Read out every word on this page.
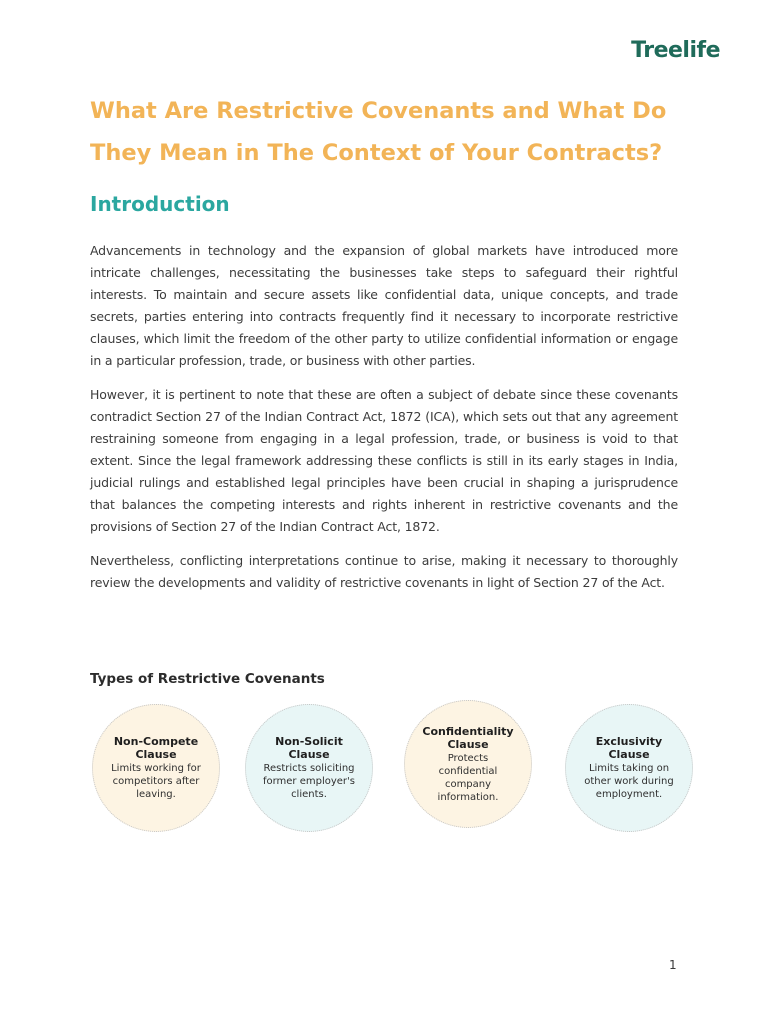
Treelife
What Are Restrictive Covenants and What Do They Mean in The Context of Your Contracts?
Introduction

Advancements in technology and the expansion of global markets have introduced more intricate challenges, necessitating the businesses take steps to safeguard their rightful interests. To maintain and secure assets like confidential data, unique concepts, and trade secrets, parties entering into contracts frequently find it necessary to incorporate restrictive clauses, which limit the freedom of the other party to utilize confidential information or engage in a particular profession, trade, or business with other parties.

However, it is pertinent to note that these are often a subject of debate since these covenants contradict Section 27 of the Indian Contract Act, 1872 (ICA), which sets out that any agreement restraining someone from engaging in a legal profession, trade, or business is void to that extent. Since the legal framework addressing these conflicts is still in its early stages in India, judicial rulings and established legal principles have been crucial in shaping a jurisprudence that balances the competing interests and rights inherent in restrictive covenants and the provisions of Section 27 of the Indian Contract Act, 1872.

Nevertheless, conflicting interpretations continue to arise, making it necessary to thoroughly review the developments and validity of restrictive covenants in light of Section 27 of the Act.

Types of Restrictive Covenants
Non-Compete Clause
Limits working for competitors after leaving.
Non-Solicit Clause
Restricts soliciting former employer's clients.
Confidentiality Clause
Protects confidential company information.
Exclusivity Clause
Limits taking on other work during employment.
1
